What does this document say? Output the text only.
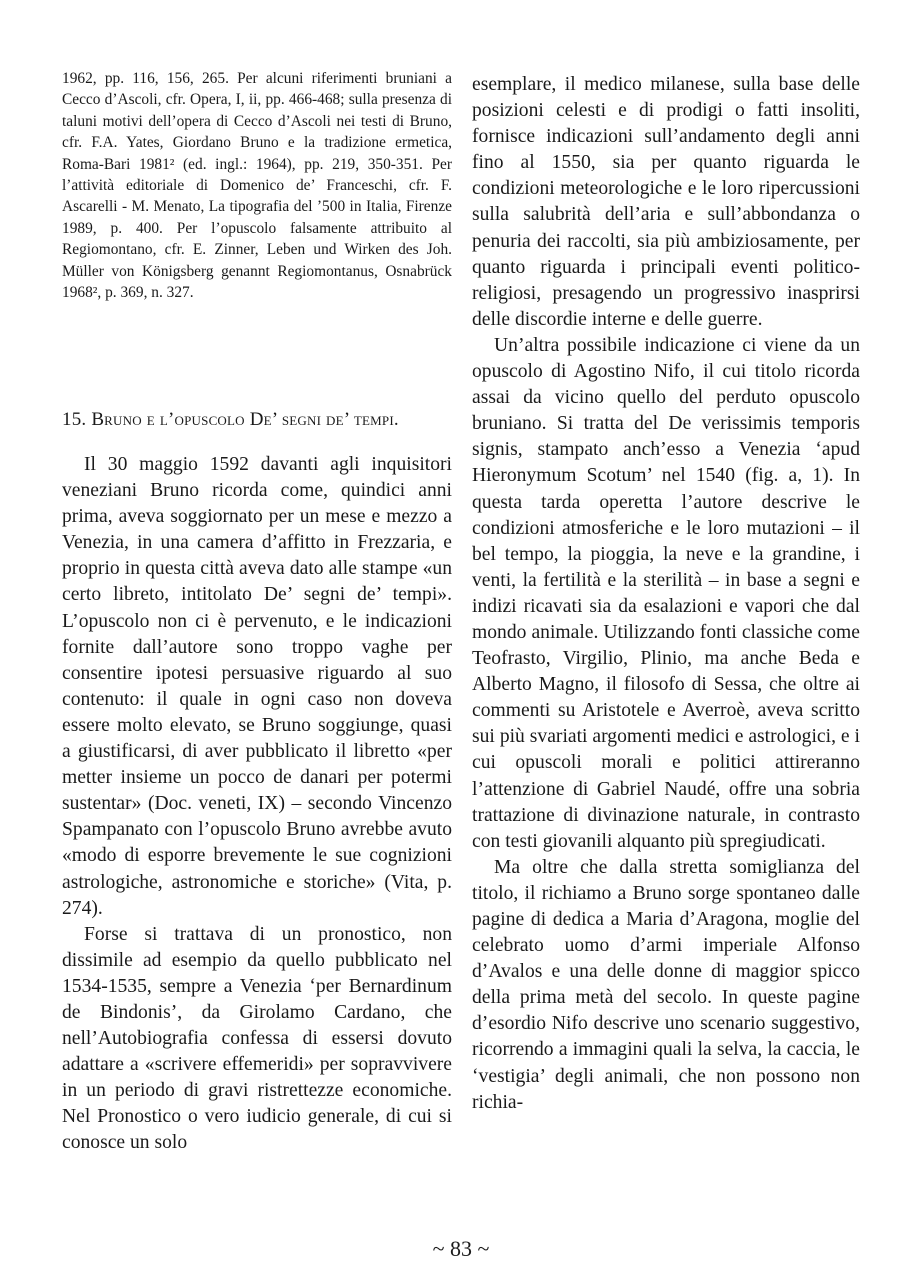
1962, pp. 116, 156, 265. Per alcuni riferimenti bruniani a Cecco d’Ascoli, cfr. Opera, I, ii, pp. 466-468; sulla presenza di taluni motivi dell’opera di Cecco d’Ascoli nei testi di Bruno, cfr. F.A. Yates, Giordano Bruno e la tradizione ermetica, Roma-Bari 1981² (ed. ingl.: 1964), pp. 219, 350-351. Per l’attività editoriale di Domenico de’ Franceschi, cfr. F. Ascarelli - M. Menato, La tipografia del ’500 in Italia, Firenze 1989, p. 400. Per l’opuscolo falsamente attribuito al Regiomontano, cfr. E. Zinner, Leben und Wirken des Joh. Müller von Königsberg genannt Regiomontanus, Osnabrück 1968², p. 369, n. 327.

15. Bruno e l’opuscolo De’ segni de’ tempi.

Il 30 maggio 1592 davanti agli inquisitori veneziani Bruno ricorda come, quindici anni prima, aveva soggiornato per un mese e mezzo a Venezia, in una camera d’affitto in Frezzaria, e proprio in questa città aveva dato alle stampe «un certo libreto, intitolato De’ segni de’ tempi». L’opuscolo non ci è pervenuto, e le indicazioni fornite dall’autore sono troppo vaghe per consentire ipotesi persuasive riguardo al suo contenuto: il quale in ogni caso non doveva essere molto elevato, se Bruno soggiunge, quasi a giustificarsi, di aver pubblicato il libretto «per metter insieme un pocco de danari per potermi sustentar» (Doc. veneti, IX) – secondo Vincenzo Spampanato con l’opuscolo Bruno avrebbe avuto «modo di esporre brevemente le sue cognizioni astrologiche, astronomiche e storiche» (Vita, p. 274).

Forse si trattava di un pronostico, non dissimile ad esempio da quello pubblicato nel 1534-1535, sempre a Venezia ‘per Bernardinum de Bindonis’, da Girolamo Cardano, che nell’Autobiografia confessa di essersi dovuto adattare a «scrivere effemeridi» per sopravvivere in un periodo di gravi ristrettezze economiche. Nel Pronostico o vero iudicio generale, di cui si conosce un solo

esemplare, il medico milanese, sulla base delle posizioni celesti e di prodigi o fatti insoliti, fornisce indicazioni sull’andamento degli anni fino al 1550, sia per quanto riguarda le condizioni meteorologiche e le loro ripercussioni sulla salubrità dell’aria e sull’abbondanza o penuria dei raccolti, sia più ambiziosamente, per quanto riguarda i principali eventi politico-religiosi, presagendo un progressivo inasprirsi delle discordie interne e delle guerre.

Un’altra possibile indicazione ci viene da un opuscolo di Agostino Nifo, il cui titolo ricorda assai da vicino quello del perduto opuscolo bruniano. Si tratta del De verissimis temporis signis, stampato anch’esso a Venezia ‘apud Hieronymum Scotum’ nel 1540 (fig. a, 1). In questa tarda operetta l’autore descrive le condizioni atmosferiche e le loro mutazioni – il bel tempo, la pioggia, la neve e la grandine, i venti, la fertilità e la sterilità – in base a segni e indizi ricavati sia da esalazioni e vapori che dal mondo animale. Utilizzando fonti classiche come Teofrasto, Virgilio, Plinio, ma anche Beda e Alberto Magno, il filosofo di Sessa, che oltre ai commenti su Aristotele e Averroè, aveva scritto sui più svariati argomenti medici e astrologici, e i cui opuscoli morali e politici attireranno l’attenzione di Gabriel Naudé, offre una sobria trattazione di divinazione naturale, in contrasto con testi giovanili alquanto più spregiudicati.

Ma oltre che dalla stretta somiglianza del titolo, il richiamo a Bruno sorge spontaneo dalle pagine di dedica a Maria d’Aragona, moglie del celebrato uomo d’armi imperiale Alfonso d’Avalos e una delle donne di maggior spicco della prima metà del secolo. In queste pagine d’esordio Nifo descrive uno scenario suggestivo, ricorrendo a immagini quali la selva, la caccia, le ‘vestigia’ degli animali, che non possono non richia-

~ 83 ~
